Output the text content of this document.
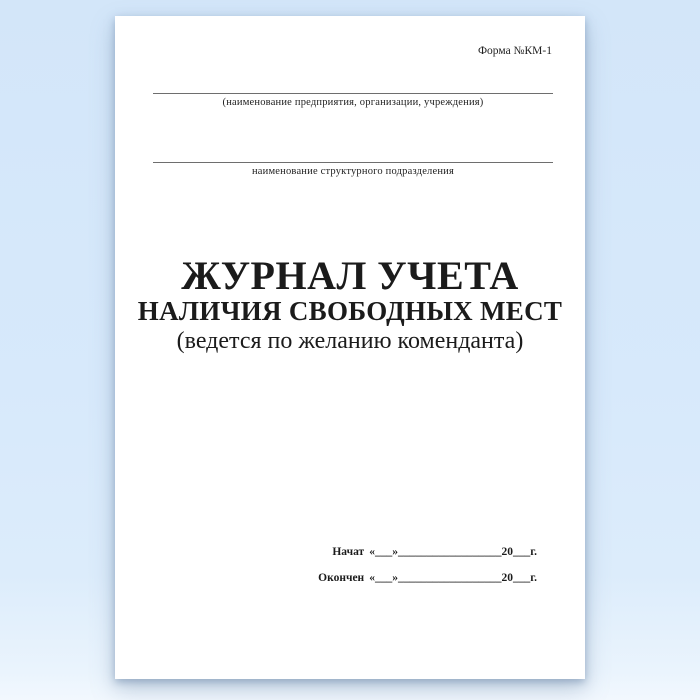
Форма №КМ-1
(наименование предприятия, организации, учреждения)
наименование структурного подразделения
ЖУРНАЛ УЧЕТА
НАЛИЧИЯ СВОБОДНЫХ МЕСТ
(ведется по желанию коменданта)
Начат «___»__________________20___г.
Окончен «___»__________________20___г.
